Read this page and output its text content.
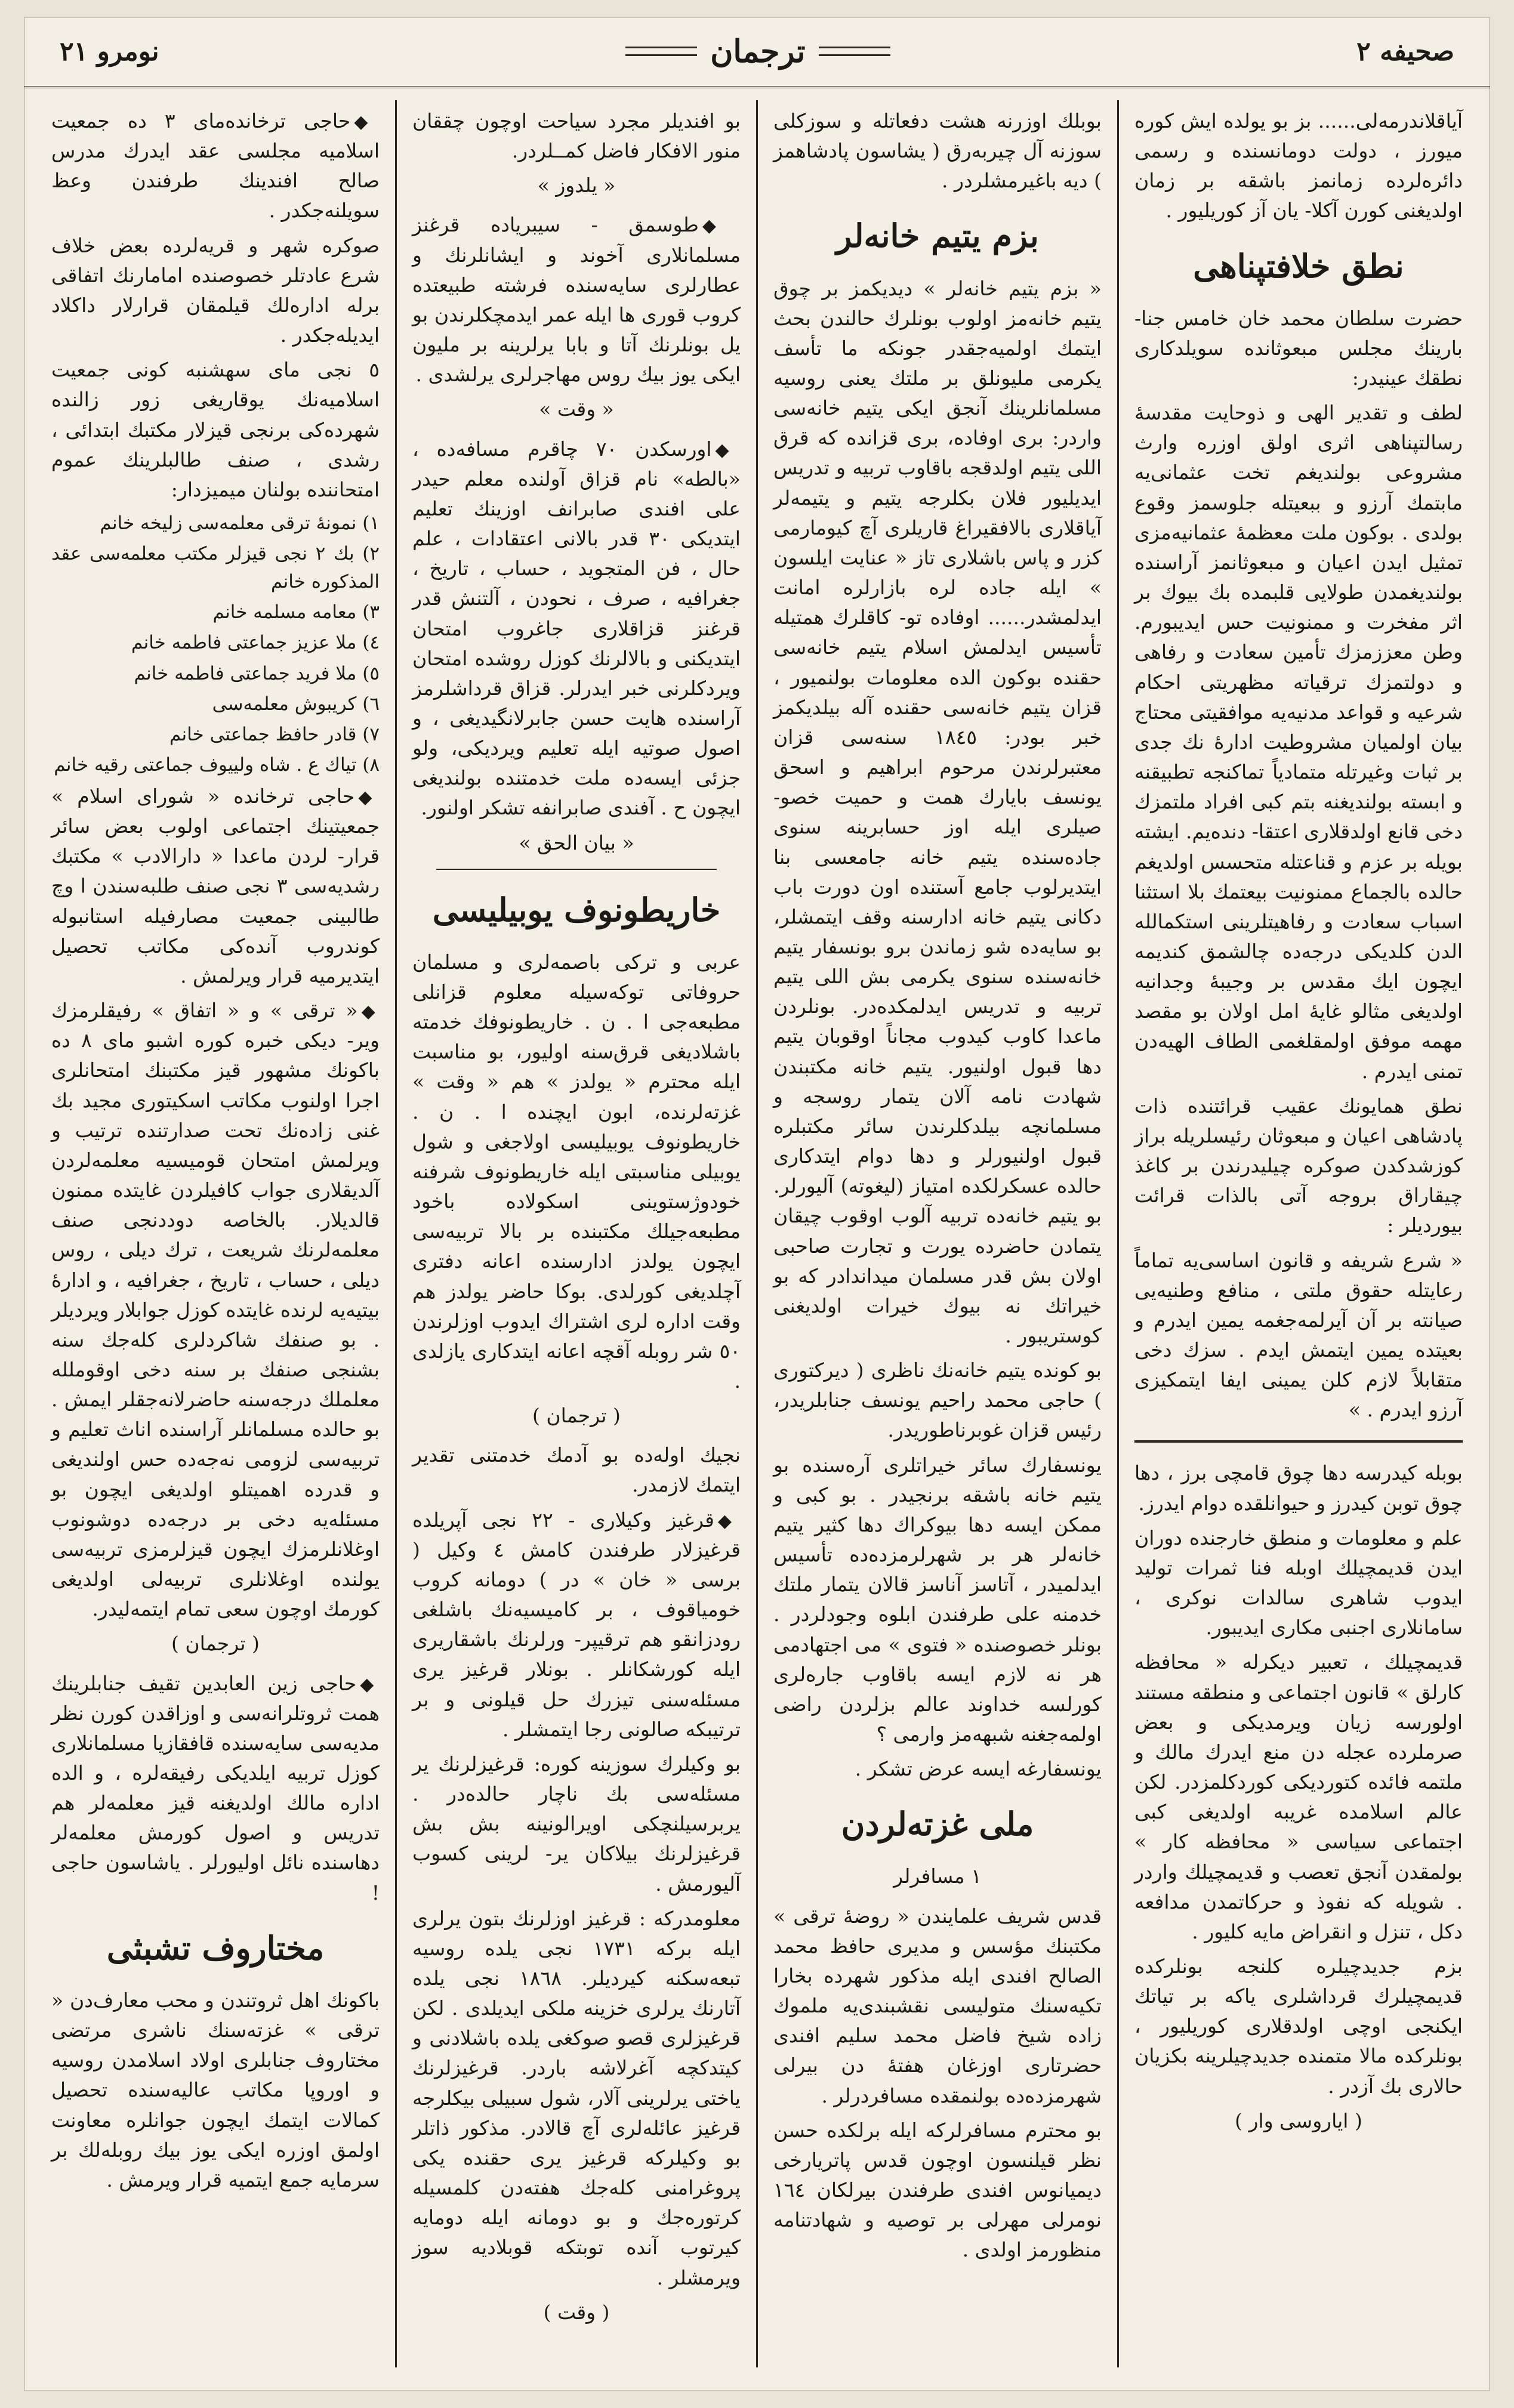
نومرو ٢١	ترجمان	صحيفه ٢

آیاقلاندرمه‌لی...... بز بو یولده ایش کوره میورز ، دولت دومانسنده و رسمی دائره‌لرده زمانمز باشقه بر زمان اولدیغنی کورن آکلا- یان آز کوریلیور .

نطق خلافتپناهی

حضرت سلطان محمد خان خامس جنا- بارینك مجلس مبعوثانده سویلدکاری نطقك عینیدر:

لطف و تقدیر الهی و ذوحایت مقدسهٔ رسالتپناهی اثری اولق اوزره وارث مشروعی بولندیغم تخت عثمانی‌یه مابتمك آرزو و ببعیتله جلوسمز وقوع بولدی . بوکون ملت معظمهٔ عثمانیه‌مزی تمثیل ایدن اعیان و مبعوثانمز آراسنده بولندیغمدن طولایی قلبمده بك بیوك بر اثر مفخرت و ممنونیت حس ایدیبورم. وطن معززمزك تأمین سعادت و رفاهی و دولتمزك ترقیاته مظهریتی احکام شرعیه و قواعد مدنیه‌یه موافقیتی محتاج بیان اولمیان مشروطیت ادارهٔ نك جدی بر ثبات وغیرتله متمادیاً تماکنجه تطبیقنه و ابسته بولندیغنه بتم کبی افراد ملتمزك دخی قانع اولدقلاری اعتقا- دنده‌یم. ایشته بویله بر عزم و قناعتله متحسس اولدیغم حالده بالجماع ممنونیت بیعتمك بلا استثنا اسباب سعادت و رفاهیتلرینی استکمالله الدن کلدیکی درجه‌ده چالشمق کندیمه ایچون ایك مقدس بر وجیبهٔ وجدانیه اولدیغی مثالو غایهٔ امل اولان بو مقصد مهمه موفق اولمقلغمی الطاف الهیه‌دن تمنی ایدرم .

نطق همایونك عقیب قرائتنده ذات پادشاهی اعیان و مبعوثان رئیسلریله براز کوزشدکدن صوکره چیلیدرندن بر کاغذ چیقاراق بروجه آتی بالذات قرائت بیوردیلر :

« شرع شریفه و قانون اساسی‌یه تماماً رعایتله حقوق ملتی ، منافع وطنیه‌یی صیانته بر آن آیرلمه‌جغمه یمین ایدرم و بعیتده یمین ایتمش ایدم . سزك دخی متقابلاً لازم کلن یمینی ایفا ایتمکیزی آرزو ایدرم . »

بوبله کیدرسه دها چوق قامچی برز ، دها چوق توبن کیدرز و حیوانلقده دوام ایدرز.

علم و معلومات و منطق خارجنده دوران ایدن قدیمچیلك اوبله فنا ثمرات تولید ایدوب شاهری سالدات نوکری ، سامانلاری اجنبی مکاری ایدیبور.

قدیمچیلك ، تعبیر دیکرله « محافظه کارلق » قانون اجتماعی و منطقه مستند اولورسه زیان ویرمدیکی و بعض صرملرده عجله دن منع ایدرك مالك و ملتمه فائده کتوردیکی کوردکلمزدر. لکن عالم اسلامده غریبه اولدیغی کبی اجتماعی سیاسی « محافظه کار » بولمقدن آنجق تعصب و قدیمچیلك واردر . شویله که نفوذ و حرکاتمدن مدافعه دکل ، تنزل و انقراض مایه کلیور .

بزم جدیدچیلره کلنجه بونلرکده قدیمچیلرك قرداشلری یاکه بر تیاتك ایکنجی اوچی اولدقلاری کوریلیور ، بونلرکده مالا متمنده جدیدچیلرینه بکزیان حالاری بك آزدر .

( ایاروسی وار )

بوبلك اوزرنه هشت دفعاتله و سوزکلی سوزنه آل چیربه‌رق ( یشاسون پادشاهمز ) دیه باغیرمشلردر .

بزم یتیم خانه‌لر

« بزم یتیم خانه‌لر » دیدیکمز بر چوق یتیم خانه‌مز اولوب بونلرك حالندن بحث ایتمك اولمیه‌جقدر جونکه ما تأسف یکرمی ملیونلق بر ملتك یعنی روسیه مسلمانلرینك آنجق ایکی یتیم خانه‌سی واردر: بری اوفاده، بری قزانده که قرق اللی یتیم اولدقجه باقاوب تربیه و تدریس ایدیلیور فلان بکلرجه یتیم و یتیمه‌لر آیاقلاری بالافقیراغ قاریلری آچ کیومارمی کزر و پاس باشلاری تاز « عنایت ایلسون » ایله جاده لره بازارلره امانت ایدلمشدر...... اوفاده تو- کاقلرك همتیله تأسیس ایدلمش اسلام یتیم خانه‌سی حقنده بوکون الده معلومات بولنمیور ، قزان یتیم خانه‌سی حقنده آله بیلدیکمز خبر بودر: ١٨٤٥ سنه‌سی قزان معتبرلرندن مرحوم ابراهیم و اسحق یونسف بایارك همت و حمیت خصو- صیلری ایله اوز حسابرینه سنوی جاده‌سنده یتیم خانه جامعسی بنا ایتدیرلوب جامع آستنده اون دورت باب دکانی یتیم خانه ادارسنه وقف ایتمشلر، بو سایه‌ده شو زماندن برو بونسفار یتیم خانه‌سنده سنوی یکرمی بش اللی یتیم تربیه و تدریس ایدلمکده‌در. بونلردن ماعدا کاوب کیدوب مجاناً اوقوبان یتیم دها قبول اولنیور. یتیم خانه مکتبندن شهادت نامه آلان یتمار روسجه و مسلمانچه بیلدکلرندن سائر مکتبلره قبول اولنیورلر و دها دوام ایتدکاری حالده عسکرلکده امتیاز (لیغوته) آلیورلر. بو یتیم خانه‌ده تربیه آلوب اوقوب چیقان یتمادن حاضرده یورت و تجارت صاحبی اولان بش قدر مسلمان میداندا‌در که بو خیراتك نه بیوك خیرات اولدیغنی کوستریبور .

بو کونده یتیم خانه‌نك ناظری ( دیرکتوری ) حاجی محمد راحیم یونسف جنابلریدر، رئیس قزان غوبرناطوریدر.

یونسفارك سائر خیراتلری آره‌سنده بو یتیم خانه باشقه برنجیدر . بو کبی و ممکن ایسه دها بیوکراك دها کثیر یتیم خانه‌لر هر بر شهرلرمزده‌ده تأسیس ایدلمیدر ، آتاسز آناسز قالان یتمار ملتك خدمنه علی طرفندن ابلوه وجودلردر . بونلر خصوصنده « فتوی » می اجتهادمی هر نه لازم ایسه باقاوب جاره‌لری کورلسه خداوند عالم بزلردن راضی اولمه‌جغنه شبهه‌مز وارمی ؟

یونسفارغه ایسه عرض تشکر .

ملی غزته‌لردن
١ مسافرلر

قدس شریف علمایندن « روضهٔ ترقی » مکتبنك مؤسس و مدیری حافظ محمد الصالح افندی ایله مذکور شهرده بخارا تکیه‌سنك متولیسی نقشبندی‌یه ملموك زاده شیخ فاضل محمد سلیم افندی حضرتاری اوزغان هفتهٔ دن بیرلی شهرمزده‌ده بولنمقده مسافردرلر .

بو محترم مسافرلرکه ایله برلکده حسن نظر قیلنسون اوچون قدس پاتریارخی دیمیانوس افندی طرفندن بیرلکان ١٦٤ نومرلی مهرلی بر توصیه و شهادتنامه منظورمز اولدی .

بو افندیلر مجرد سیاحت اوچون چققان منور الافکار فاضل کمـ‌ـلردر.

« یلدوز »

◆طوسمق - سیبریاده قرغنز مسلمانلاری آخوند و ایشانلرنك و عطارلری سایه‌سنده فرشته طبیعتده کروب قوری ها ایله عمر ایدمچکلرندن بو یل بونلرنك آتا و بابا یرلرینه بر ملیون ایکی یوز بیك روس مهاجرلری یرلشدی .

« وقت »

◆اورسکدن ٧٠ چاقرم مسافه‌ده ، «بالطه» نام قزاق آولنده معلم حیدر علی افندی صابرانف اوزینك تعلیم ایتدیکی ٣٠ قدر بالانی اعتقادات ، علم حال ، فن المتجوید ، حساب ، تاریخ ، جغرافیه ، صرف ، نحودن ، آلتنش قدر قرغنز قزاقلاری جاغروب امتحان ایتدیکنی و بالالرنك کوزل روشده امتحان ویردکلرنی خبر ایدرلر. قزاق قرداشلرمز آراسنده هایت حسن جابرلانگیدیغی ، و اصول صوتیه ایله تعلیم ویردیکی، ولو جزئی ایسه‌ده ملت خدمتنده بولندیغی ایچون ح . آفندی صابرانفه تشکر اولنور.

« بیان الحق »
خاریطونوف یوبیلیسی

عربی و ترکی باصمه‌لری و مسلمان حروفاتی توکه‌سیله معلوم قزانلی مطبعه‌جی ا . ن . خاریطونوفك خدمته باشلادیغی قرق‌سنه اولیور، بو مناسبت ایله محترم « یولدز » هم « وقت » غزته‌لرنده، ابون ایچنده ا . ن . خاریطونوف یوبیلیسی اولاجغی و شول یوبیلی مناسبتی ایله خاریطونوف شرفنه خودوژستوینی اسکولاده باخود مطبعه‌جیلك مکتبنده بر بالا تربیه‌سی ایچون یولدز ادارسنده اعانه دفتری آچلدیغی کورلدی. بوکا حاضر یولدز هم وقت اداره لری اشتراك ایدوب اوزلرندن ٥٠ شر روبله آقچه اعانه ایتدکاری یازلدی .

( ترجمان )

نجیك اوله‌ده بو آدمك خدمتنی تقدیر ایتمك لازمدر.

◆قرغیز وکیلاری - ٢٢ نجی آپریلده قرغیزلار طرفندن کامش ٤ وکیل ( برسی « خان » در ) دومانه کروب خومیاقوف ، بر کامیسیه‌نك باشلغی رودزانقو هم ترقیپر- ورلرنك باشقاریری ایله کورشکانلر . بونلار قرغیز یری مسئله‌سنی تیزرك حل قیلونی و بر ترتیبکه صالونی رجا ایتمشلر .

بو وکیلرك سوزینه کوره: قرغیزلرنك یر مسئله‌سی بك ناچار حالده‌در . یربرسیلنچکی اویرالونینه بش بش قرغیزلرنك بیلاکان یر- لرینی کسوب آلیورمش .

معلومدرکه : قرغیز اوزلرنك بتون یرلری ایله برکه ١٧٣١ نجی یلده روسیه تبعه‌سکنه کیردیلر. ١٨٦٨ نجی یلده آتارنك یرلری خزینه ملکی ایدیلدی . لکن قرغیزلری قصو صوکغی یلده باشلادنی و کیتدکچه آغرلاشه باردر. قرغیزلرنك یاختی یرلرینی آلار، شول سبیلی بیکلرجه قرغیز عائله‌لری آچ قالادر. مذکور ذاتلر بو وکیلرکه قرغیز یری حقنده یکی پروغرامنی کله‌جك هفته‌دن کلمسیله کرتوره‌جك و بو دومانه ایله دومایه کیرتوب آنده توبتکه قوبلادیه سوز ویرمشلر .

( وقت )

◆حاجی ترخانده‌مای ٣ ده جمعیت اسلامیه مجلسی عقد ایدرك مدرس صالح افندینك طرفندن وعظ سویلنه‌جکدر .

صوکره شهر و قریه‌لرده بعض خلاف شرع عادتلر خصوصنده امامارنك اتفاقی برله اداره‌لك قیلمقان قرارلار داکلاد ایدیله‌جکدر .

٥ نجی مای سهشنبه کونی جمعیت اسلامیه‌نك یوقاریغی زور زالنده شهرده‌کی برنجی قیزلار مکتبك ابتدائی ، رشدی ، صنف طالبلرینك عموم امتحاننده بولنان میمیزدار:

١) نمونهٔ ترقی معلمه‌سی زلیخه خانم
٢) بك ٢ نجی قیزلر مکتب معلمه‌سی عقد المذکوره خانم
٣) معامه مسلمه خانم
٤) ملا عزیز جماعتی فاطمه خانم
٥) ملا فرید جماعتی فاطمه خانم
٦) کریبوش معلمه‌سی
٧) قادر حافظ جماعتی خانم
٨) تیاك ع . شاه ولییوف جماعتی رقیه خانم

◆حاجی ترخانده « شورای اسلام » جمعیتینك اجتماعی اولوب بعض سائر قرار- لردن ماعدا « دارالادب » مکتبك رشدیه‌سی ٣ نجی صنف طلبه‌سندن ا وچ طالبینی جمعیت مصارفیله استانبوله کوندروب آنده‌کی مکاتب تحصیل ایتدیرمیه قرار ویرلمش .

◆« ترقی » و « اتفاق » رفیقلرمزك ویر- دیکی خبره کوره اشبو مای ٨ ده باکونك مشهور قیز مکتبنك امتحانلری اجرا اولنوب مکاتب اسکیتوری مجید بك غنی زاده‌نك تحت صدارتنده ترتیب و ویرلمش امتحان قومیسیه معلمه‌لردن آلدیقلاری جواب کافیلردن غایتده ممنون قالدیلار. بالخاصه دوددنجی صنف معلمه‌لرنك شریعت ، ترك دیلی ، روس دیلی ، حساب ، تاریخ ، جغرافیه ، و ادارهٔ بیتیه‌یه لرنده غایتده کوزل جوابلار ویردیلر . بو صنفك شاکردلری کله‌جك سنه بشنجی صنفك بر سنه دخی اوقوملله معلملك درجه‌سنه حاضرلانه‌جقلر ایمش . بو حالده مسلمانلر آراسنده اناث تعلیم و تربیه‌سی لزومی نه‌جه‌ده حس اولندیغی و قدرده اهمیتلو اولدیغی ایچون بو مسئله‌یه دخی بر درجه‌ده دوشونوب اوغلانلرمزك ایچون قیزلرمزی تربیه‌سی یولنده اوغلانلری تربیه‌لی اولدیغی کورمك اوچون سعی تمام ایتمه‌لیدر.

( ترجمان )

◆حاجی زین العابدین تقیف جنابلرینك همت ثروتلرانه‌سی و اوزاقدن کورن نظر مدیه‌سی سایه‌سنده قافقازیا مسلمانلاری کوزل تربیه ایلدیکی رفیقه‌لره ، و الده اداره مالك اولدیغنه قیز معلمه‌لر هم تدریس و اصول کورمش معلمه‌لر دهاسنده نائل اولیورلر . یاشاسون حاجی !

مختاروف تشبثی

باکونك اهل ثروتندن و محب معارف‌دن « ترقی » غزته‌سنك ناشری مرتضی مختاروف جنابلری اولاد اسلامدن روسیه و اوروپا مکاتب عالیه‌سنده تحصیل کمالات ایتمك ایچون جوانلره معاونت اولمق اوزره ایکی یوز بیك روبله‌لك بر سرمایه جمع ایتمیه قرار ویرمش .
